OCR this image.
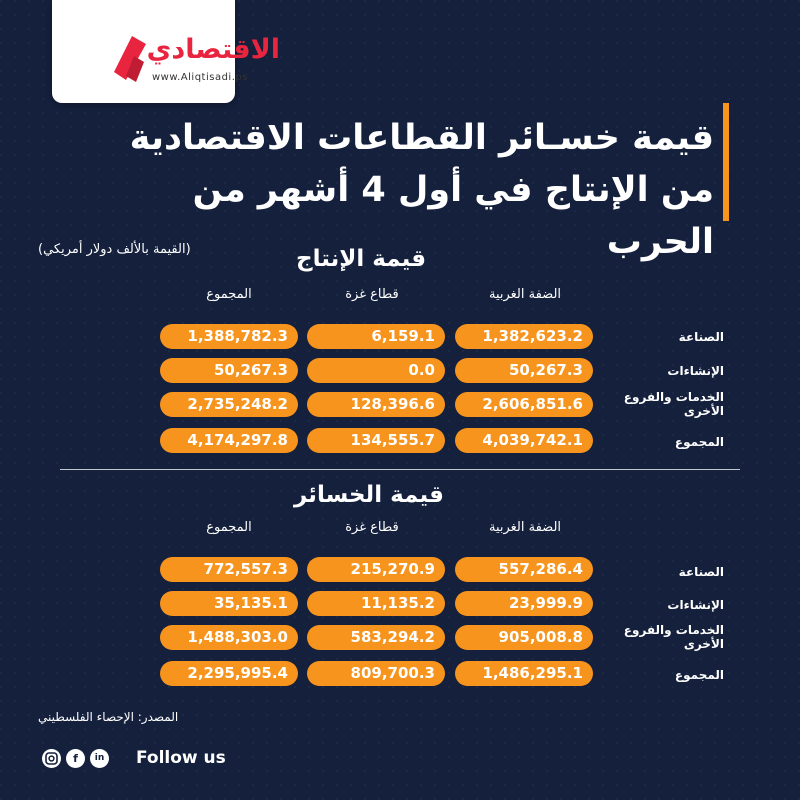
الاقتصادي
www.Aliqtisadi.ps
قيمة خسـائر القطاعات الاقتصادية
من الإنتاج في أول 4 أشهر من الحرب
(القيمة بالألف دولار أمريكي)	قيمة الإنتاج
الضفة الغربية
قطاع غزة
المجموع
الصناعة
1,382,623.2
6,159.1
1,388,782.3
الإنشاءات
50,267.3
0.0
50,267.3
الخدمات والفروع الأخرى
2,606,851.6
128,396.6
2,735,248.2
المجموع
4,039,742.1
134,555.7
4,174,297.8
قيمة الخسائر
الضفة الغربية
قطاع غزة
المجموع
الصناعة
557,286.4
215,270.9
772,557.3
الإنشاءات
23,999.9
11,135.2
35,135.1
الخدمات والفروع الأخرى
905,008.8
583,294.2
1,488,303.0
المجموع
1,486,295.1
809,700.3
2,295,995.4
المصدر: الإحصاء الفلسطيني
f	in Follow us
